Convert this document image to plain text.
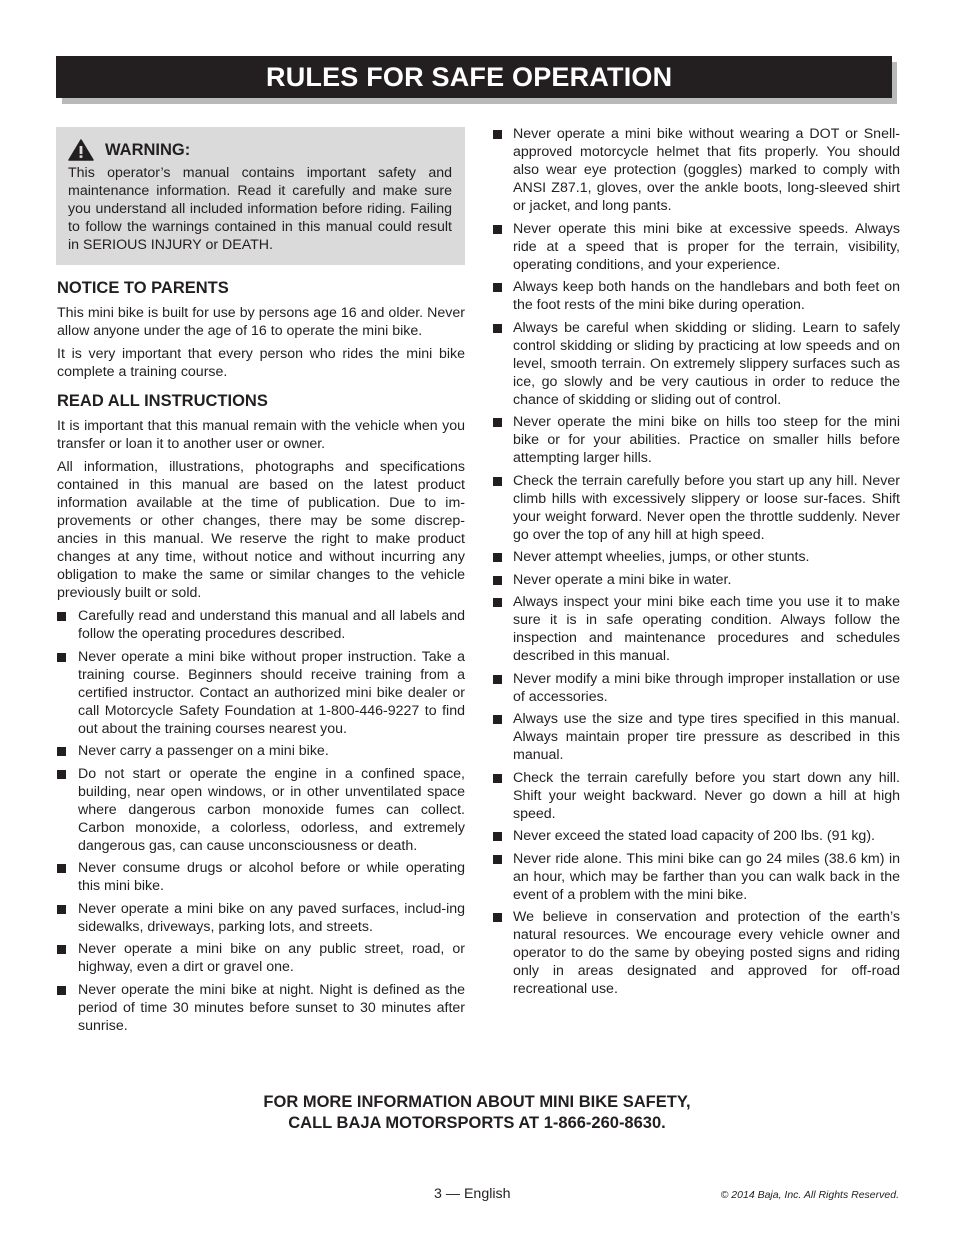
RULES FOR SAFE OPERATION
WARNING:

This operator’s manual contains important safety and maintenance information. Read it carefully and make sure you understand all included information before riding. Failing to follow the warnings contained in this manual could result in SERIOUS INJURY or DEATH.

NOTICE TO PARENTS

This mini bike is built for use by persons age 16 and older. Never allow anyone under the age of 16 to operate the mini bike.

It is very important that every person who rides the mini bike complete a training course.

READ ALL INSTRUCTIONS

It is important that this manual remain with the vehicle when you transfer or loan it to another user or owner.

All information, illustrations, photographs and specifications contained in this manual are based on the latest product information available at the time of publication. Due to im-provements or other changes, there may be some discrep-ancies in this manual. We reserve the right to make product changes at any time, without notice and without incurring any obligation to make the same or similar changes to the vehicle previously built or sold.

Carefully read and understand this manual and all labels and follow the operating procedures described.
Never operate a mini bike without proper instruction. Take a training course. Beginners should receive training from a certified instructor. Contact an authorized mini bike dealer or call Motorcycle Safety Foundation at 1-800-446-9227 to find out about the training courses nearest you.
Never carry a passenger on a mini bike.
Do not start or operate the engine in a confined space, building, near open windows, or in other unventilated space where dangerous carbon monoxide fumes can collect. Carbon monoxide, a colorless, odorless, and extremely dangerous gas, can cause unconsciousness or death.
Never consume drugs or alcohol before or while operating this mini bike.
Never operate a mini bike on any paved surfaces, includ-ing sidewalks, driveways, parking lots, and streets.
Never operate a mini bike on any public street, road, or highway, even a dirt or gravel one.
Never operate the mini bike at night. Night is defined as the period of time 30 minutes before sunset to 30 minutes after sunrise.
Never operate a mini bike without wearing a DOT or Snell-approved motorcycle helmet that fits properly. You should also wear eye protection (goggles) marked to comply with ANSI Z87.1, gloves, over the ankle boots, long-sleeved shirt or jacket, and long pants.
Never operate this mini bike at excessive speeds. Always ride at a speed that is proper for the terrain, visibility, operating conditions, and your experience.
Always keep both hands on the handlebars and both feet on the foot rests of the mini bike during operation.
Always be careful when skidding or sliding. Learn to safely control skidding or sliding by practicing at low speeds and on level, smooth terrain. On extremely slippery surfaces such as ice, go slowly and be very cautious in order to reduce the chance of skidding or sliding out of control.
Never operate the mini bike on hills too steep for the mini bike or for your abilities. Practice on smaller hills before attempting larger hills.
Check the terrain carefully before you start up any hill. Never climb hills with excessively slippery or loose sur-faces. Shift your weight forward. Never open the throttle suddenly. Never go over the top of any hill at high speed.
Never attempt wheelies, jumps, or other stunts.
Never operate a mini bike in water.
Always inspect your mini bike each time you use it to make sure it is in safe operating condition. Always follow the inspection and maintenance procedures and schedules described in this manual.
Never modify a mini bike through improper installation or use of accessories.
Always use the size and type tires specified in this manual. Always maintain proper tire pressure as described in this manual.
Check the terrain carefully before you start down any hill. Shift your weight backward. Never go down a hill at high speed.
Never exceed the stated load capacity of 200 lbs. (91 kg).
Never ride alone. This mini bike can go 24 miles (38.6 km) in an hour, which may be farther than you can walk back in the event of a problem with the mini bike.
We believe in conservation and protection of the earth’s natural resources. We encourage every vehicle owner and operator to do the same by obeying posted signs and riding only in areas designated and approved for off-road recreational use.
FOR MORE INFORMATION ABOUT MINI BIKE SAFETY,
CALL BAJA MOTORSPORTS AT 1-866-260-8630.
3 — English	© 2014 Baja, Inc. All Rights Reserved.
